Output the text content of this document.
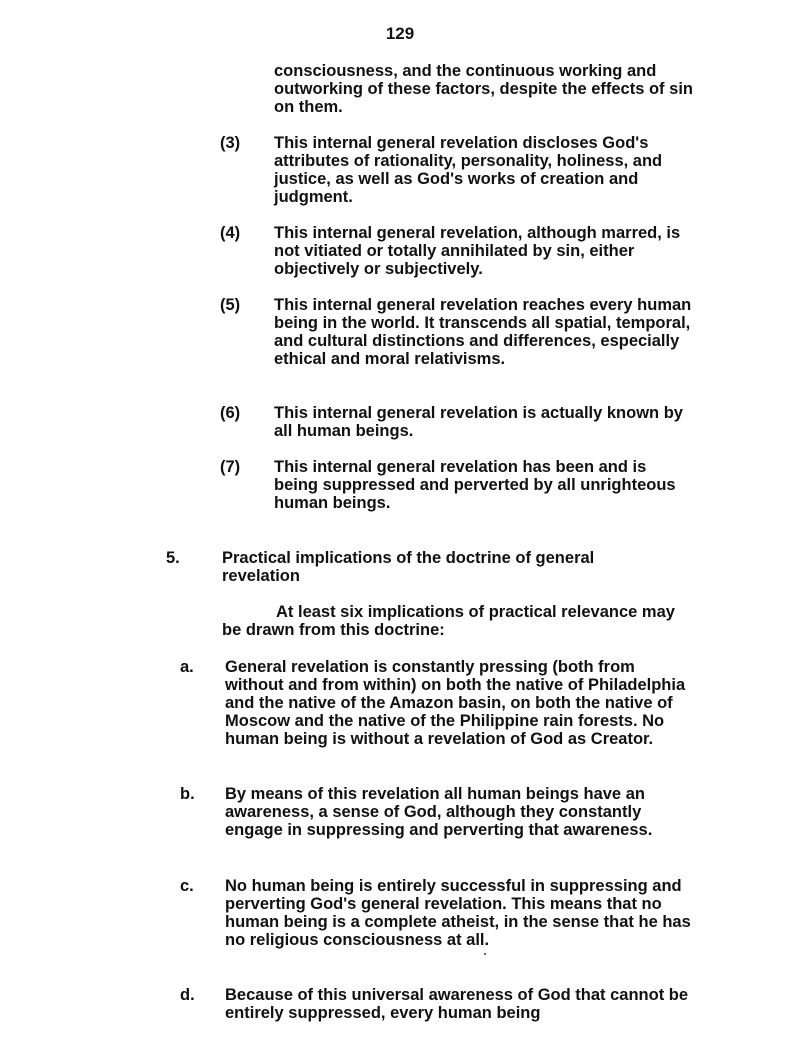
129
consciousness, and the continuous working and outworking of these factors, despite the effects of sin on them.
(3) This internal general revelation discloses God's attributes of rationality, personality, holiness, and justice, as well as God's works of creation and judgment.
(4) This internal general revelation, although marred, is not vitiated or totally annihilated by sin, either objectively or subjectively.
(5) This internal general revelation reaches every human being in the world. It transcends all spatial, temporal, and cultural distinctions and differences, especially ethical and moral relativisms.
(6) This internal general revelation is actually known by all human beings.
(7) This internal general revelation has been and is being suppressed and perverted by all unrighteous human beings.
5.	Practical implications of the doctrine of general revelation
At least six implications of practical relevance may be drawn from this doctrine:
a. General revelation is constantly pressing (both from without and from within) on both the native of Philadelphia and the native of the Amazon basin, on both the native of Moscow and the native of the Philippine rain forests. No human being is without a revelation of God as Creator.
b. By means of this revelation all human beings have an awareness, a sense of God, although they constantly engage in suppressing and perverting that awareness.
c. No human being is entirely successful in suppressing and perverting God's general revelation. This means that no human being is a complete atheist, in the sense that he has no religious consciousness at all.
d. Because of this universal awareness of God that cannot be entirely suppressed, every human being
